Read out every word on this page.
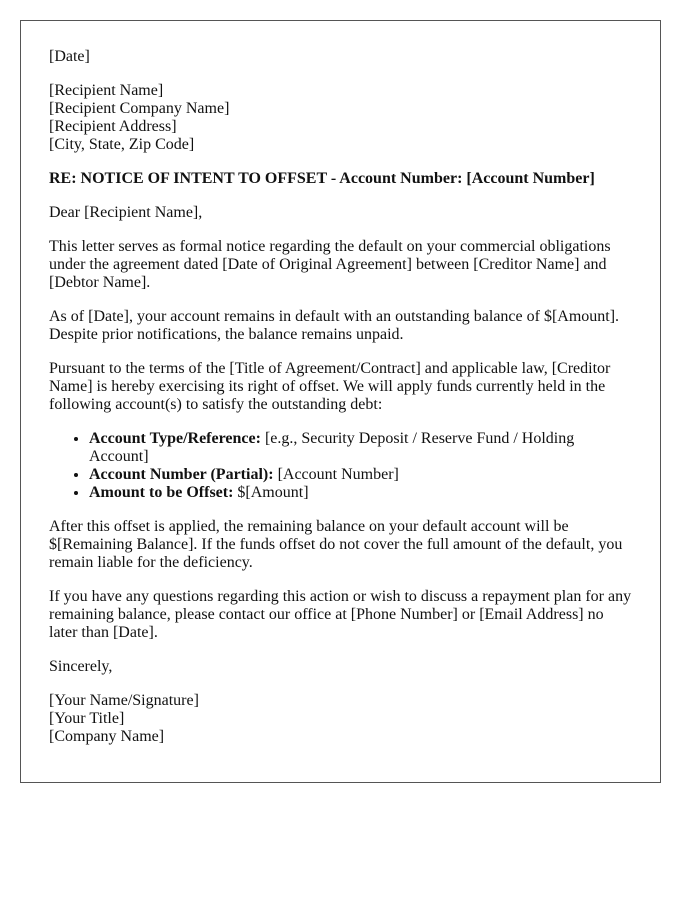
[Date]

[Recipient Name]
[Recipient Company Name]
[Recipient Address]
[City, State, Zip Code]

RE: NOTICE OF INTENT TO OFFSET - Account Number: [Account Number]

Dear [Recipient Name],

This letter serves as formal notice regarding the default on your commercial obligations under the agreement dated [Date of Original Agreement] between [Creditor Name] and [Debtor Name].

As of [Date], your account remains in default with an outstanding balance of $[Amount]. Despite prior notifications, the balance remains unpaid.

Pursuant to the terms of the [Title of Agreement/Contract] and applicable law, [Creditor Name] is hereby exercising its right of offset. We will apply funds currently held in the following account(s) to satisfy the outstanding debt:

• Account Type/Reference: [e.g., Security Deposit / Reserve Fund / Holding Account]
• Account Number (Partial): [Account Number]
• Amount to be Offset: $[Amount]

After this offset is applied, the remaining balance on your default account will be $[Remaining Balance]. If the funds offset do not cover the full amount of the default, you remain liable for the deficiency.

If you have any questions regarding this action or wish to discuss a repayment plan for any remaining balance, please contact our office at [Phone Number] or [Email Address] no later than [Date].

Sincerely,

[Your Name/Signature]
[Your Title]
[Company Name]
